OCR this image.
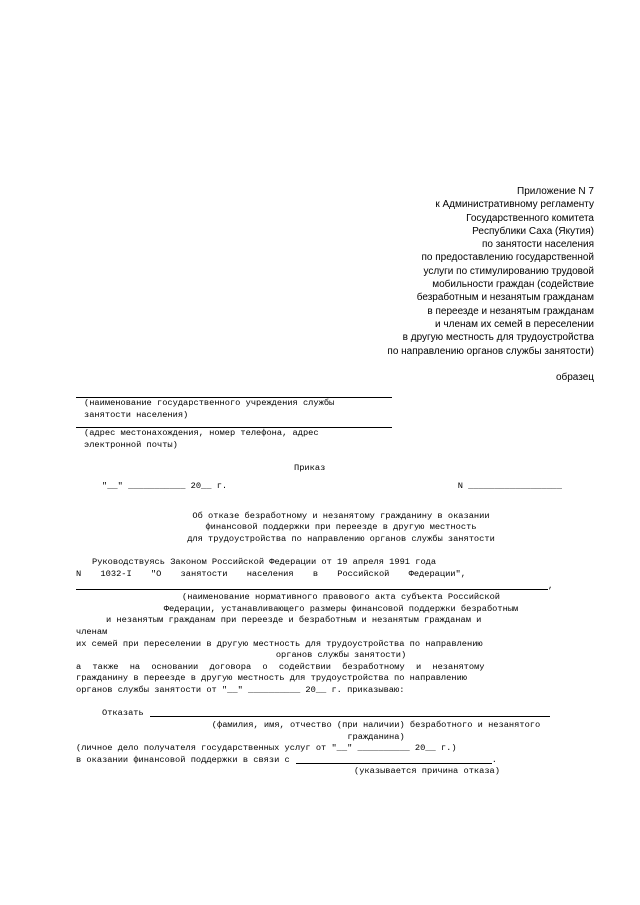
Приложение N 7
к Административному регламенту
Государственного комитета
Республики Саха (Якутия)
по занятости населения
по предоставлению государственной
услуги по стимулированию трудовой
мобильности граждан (содействие
безработным и незанятым гражданам
в переезде и незанятым гражданам
и членам их семей в переселении
в другую местность для трудоустройства
по направлению органов службы занятости)
образец
(наименование государственного учреждения службы
занятости населения)
(адрес местонахождения, номер телефона, адрес
электронной почты)
Приказ
"__" ___________ 20__ г.	N __________________
Об отказе безработному и незанятому гражданину в оказании
финансовой поддержки при переезде в другую местность
для трудоустройства по направлению органов службы занятости
Руководствуясь Законом Российской Федерации от 19 апреля 1991 года
N 1032-I "О занятости населения в Российской Федерации",
,
(наименование нормативного правового акта субъекта Российской
Федерации, устанавливающего размеры финансовой поддержки безработным
и незанятым гражданам при переезде и безработным и незанятым гражданам и
членам
их семей при переселении в другую местность для трудоустройства по направлению
органов службы занятости)
а также на основании договора о содействии безработному и незанятому
гражданину в переезде в другую местность для трудоустройства по направлению
органов службы занятости от "__" __________ 20__ г. приказываю:
Отказать
(фамилия, имя, отчество (при наличии) безработного и незанятого
гражданина)
(личное дело получателя государственных услуг от "__" __________ 20__ г.)
в оказании финансовой поддержки в связи с	.
(указывается причина отказа)
